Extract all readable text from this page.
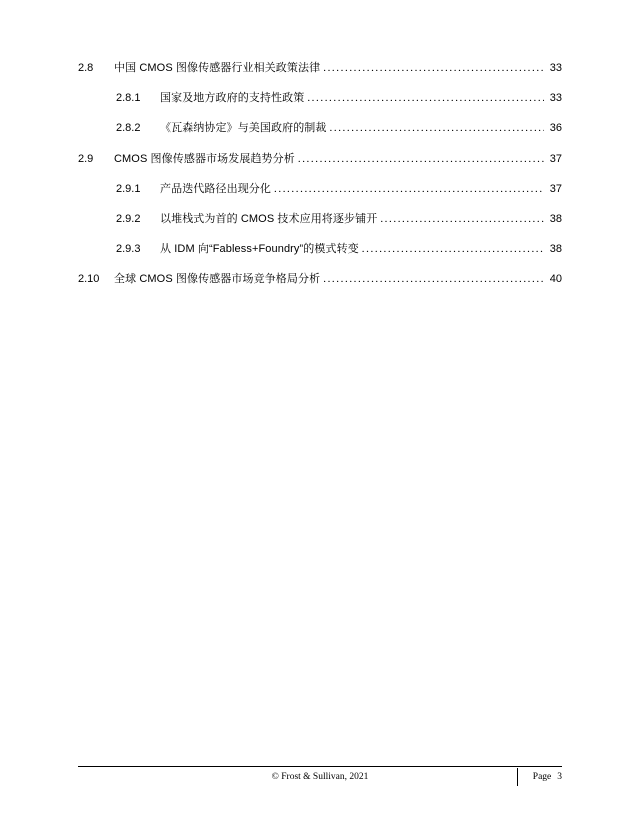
2.8	中国 CMOS 图像传感器行业相关政策法律 .....	33
2.8.1	国家及地方政府的支持性政策 .....	33
2.8.2	《瓦森纳协定》与美国政府的制裁 .....	36
2.9	CMOS 图像传感器市场发展趋势分析 .....	37
2.9.1	产品迭代路径出现分化 .....	37
2.9.2	以堆栈式为首的 CMOS 技术应用将逐步铺开 .....	38
2.9.3	从 IDM 向“Fabless+Foundry”的模式转变 .....	38
2.10	全球 CMOS 图像传感器市场竞争格局分析 .....	40
© Frost & Sullivan, 2021	Page 3
